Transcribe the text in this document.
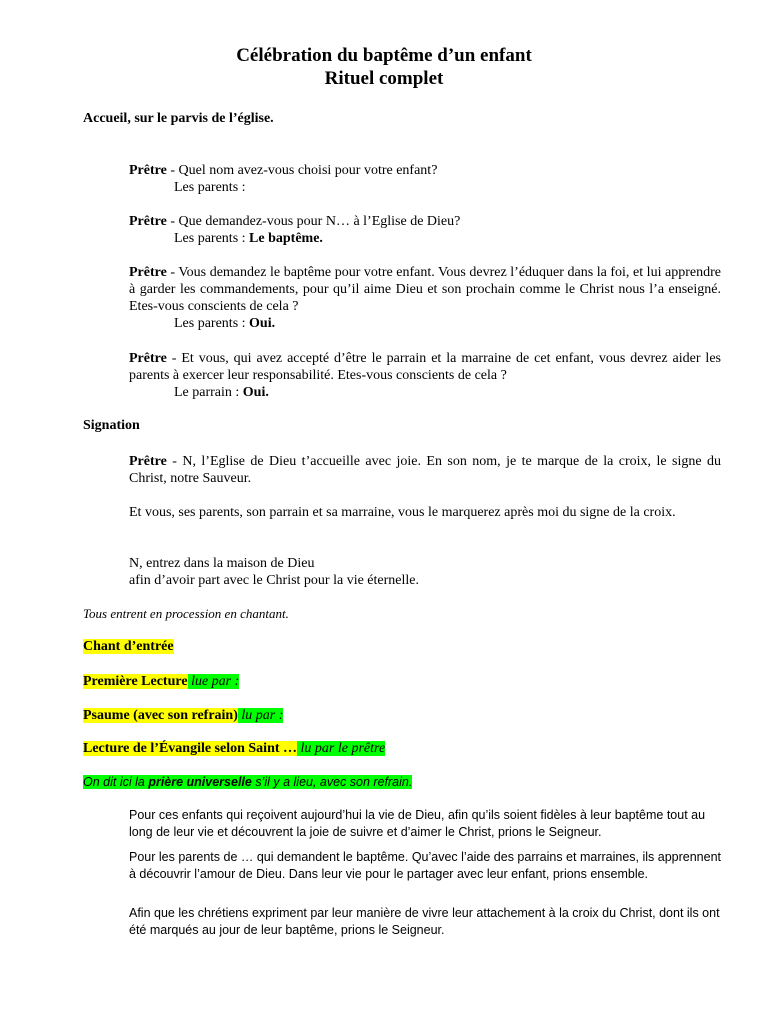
Célébration du baptême d’un enfant
Rituel complet
Accueil, sur le parvis de l’église.
Prêtre - Quel nom avez-vous choisi pour votre enfant?
Les parents :
Prêtre - Que demandez-vous pour N… à l’Eglise de Dieu?
Les parents : Le baptême.
Prêtre - Vous demandez le baptême pour votre enfant. Vous devrez l’éduquer dans la foi, et lui apprendre à garder les commandements, pour qu’il aime Dieu et son prochain comme le Christ nous l’a enseigné. Etes-vous conscients de cela ?
Les parents : Oui.
Prêtre - Et vous, qui avez accepté d’être le parrain et la marraine de cet enfant, vous devrez aider les parents à exercer leur responsabilité. Etes-vous conscients de cela ?
Le parrain : Oui.
Signation
Prêtre - N, l’Eglise de Dieu t’accueille avec joie. En son nom, je te marque de la croix, le signe du Christ, notre Sauveur.
Et vous, ses parents, son parrain et sa marraine, vous le marquerez après moi du signe de la croix.
N, entrez dans la maison de Dieu
afin d’avoir part avec le Christ pour la vie éternelle.
Tous entrent en procession en chantant.
Chant d’entrée
Première Lecture lue par :
Psaume (avec son refrain) lu par :
Lecture de l’Évangile selon Saint … lu par le prêtre
On dit ici la prière universelle s’il y a lieu, avec son refrain.
Pour ces enfants qui reçoivent aujourd’hui la vie de Dieu, afin qu’ils soient fidèles à leur baptême tout au long de leur vie et découvrent la joie de suivre et d’aimer le Christ, prions le Seigneur.
Pour les parents de … qui demandent le baptême. Qu’avec l’aide des parrains et marraines, ils apprennent à découvrir l’amour de Dieu. Dans leur vie pour le partager avec leur enfant, prions ensemble.
Afin que les chrétiens expriment par leur manière de vivre leur attachement à la croix du Christ, dont ils ont été marqués au jour de leur baptême, prions le Seigneur.
